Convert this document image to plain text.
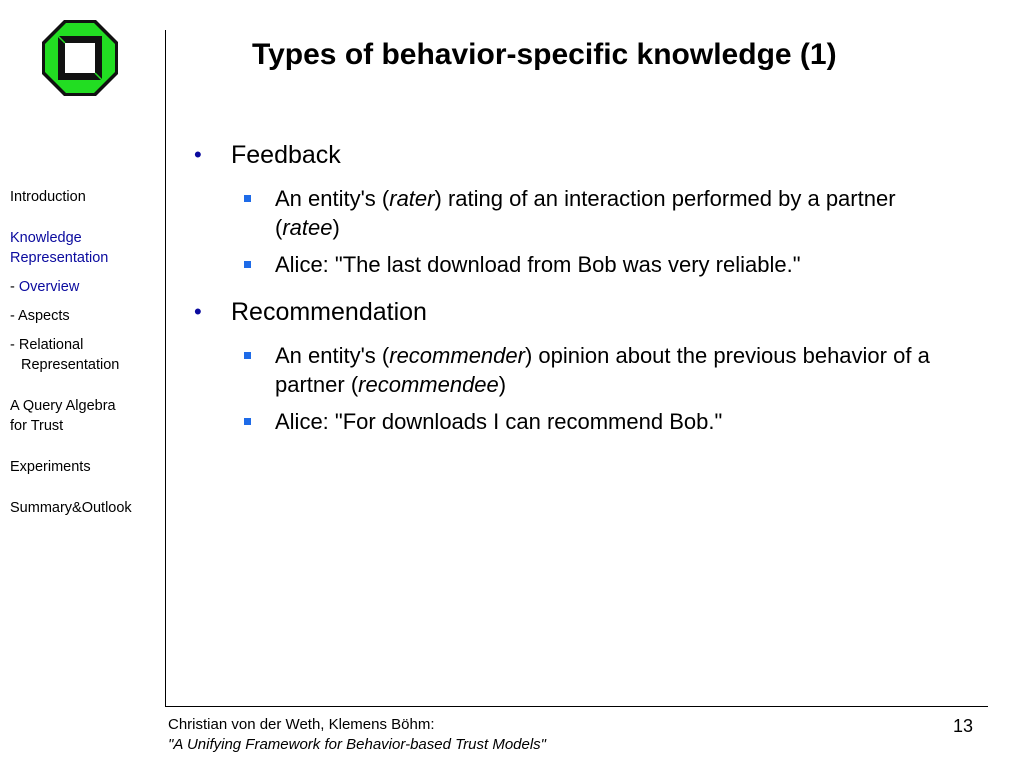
Introduction
Knowledge
Representation
- Overview
- Aspects
- Relational
Representation
A Query Algebra
for Trust
Experiments
Summary&Outlook
Types of behavior-specific knowledge (1)
• Feedback
An entity's (rater) rating of an interaction performed by a partner (ratee)
Alice: "The last download from Bob was very reliable."
• Recommendation
An entity's (recommender) opinion about the previous behavior of a partner (recommendee)
Alice: "For downloads I can recommend Bob."
Christian von der Weth, Klemens Böhm:
"A Unifying Framework for Behavior-based Trust Models"
13
